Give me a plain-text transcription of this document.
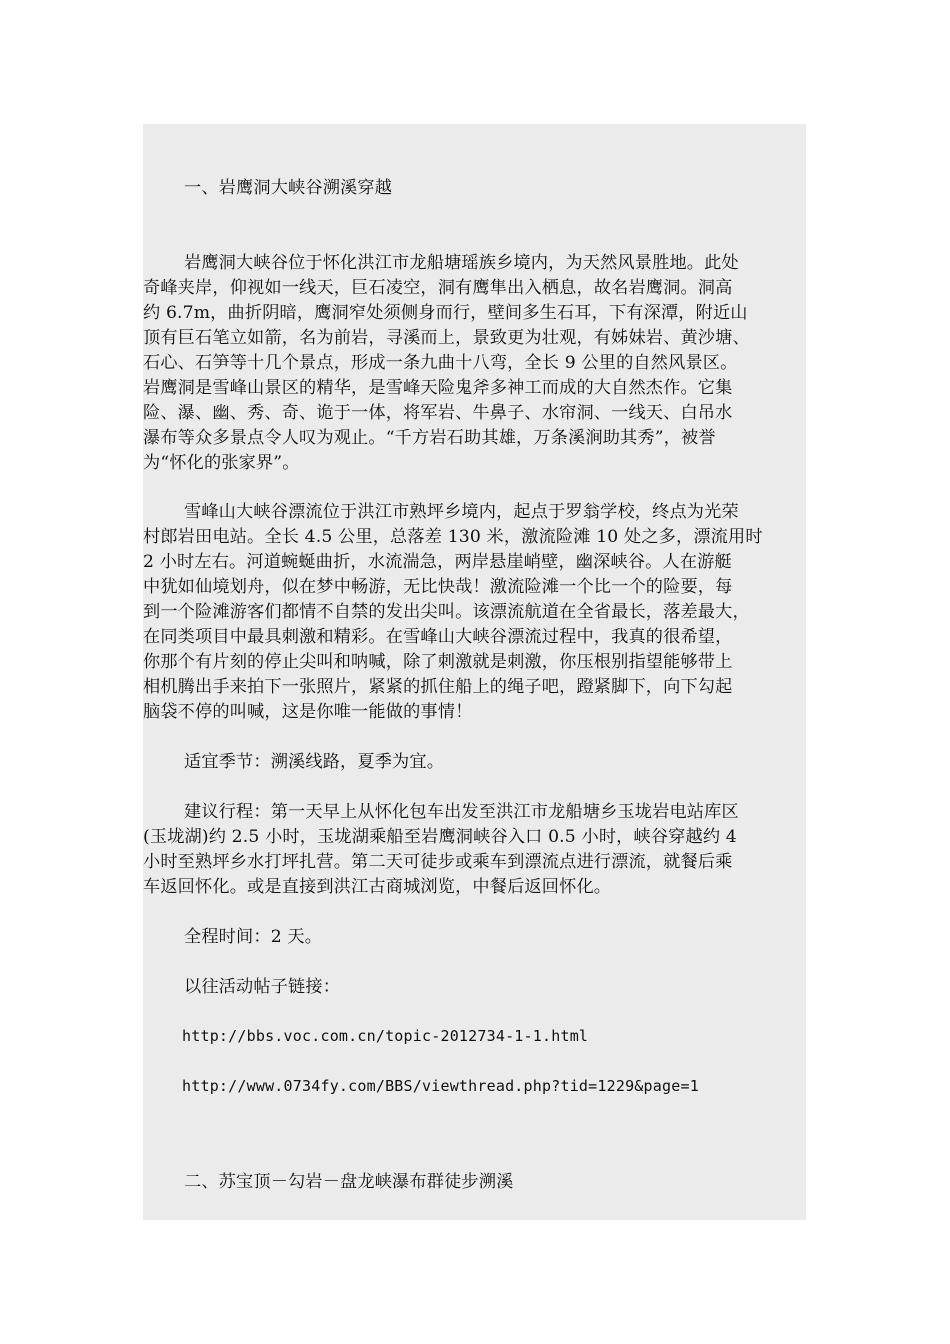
一、岩鹰洞大峡谷溯溪穿越

岩鹰洞大峡谷位于怀化洪江市龙船塘瑶族乡境内，为天然风景胜地。此处

奇峰夹岸，仰视如一线天，巨石凌空，洞有鹰隼出入栖息，故名岩鹰洞。洞高

约 6.7m，曲折阴暗，鹰洞窄处须侧身而行，壁间多生石耳，下有深潭，附近山

顶有巨石笔立如箭，名为前岩，寻溪而上，景致更为壮观，有姊妹岩、黄沙塘、

石心、石笋等十几个景点，形成一条九曲十八弯，全长 9 公里的自然风景区。

岩鹰洞是雪峰山景区的精华，是雪峰天险鬼斧多神工而成的大自然杰作。它集

险、瀑、幽、秀、奇、诡于一体，将军岩、牛鼻子、水帘洞、一线天、白吊水

瀑布等众多景点令人叹为观止。“千方岩石助其雄，万条溪涧助其秀”，被誉

为“怀化的张家界”。

雪峰山大峡谷漂流位于洪江市熟坪乡境内，起点于罗翁学校，终点为光荣

村郎岩田电站。全长 4.5 公里，总落差 130 米，激流险滩 10 处之多，漂流用时

2 小时左右。河道蜿蜒曲折，水流湍急，两岸悬崖峭壁，幽深峡谷。人在游艇

中犹如仙境划舟，似在梦中畅游，无比快哉！激流险滩一个比一个的险要，每

到一个险滩游客们都情不自禁的发出尖叫。该漂流航道在全省最长，落差最大，

在同类项目中最具刺激和精彩。在雪峰山大峡谷漂流过程中，我真的很希望，

你那个有片刻的停止尖叫和呐喊，除了刺激就是刺激，你压根别指望能够带上

相机腾出手来拍下一张照片，紧紧的抓住船上的绳子吧，蹬紧脚下，向下勾起

脑袋不停的叫喊，这是你唯一能做的事情！

适宜季节：溯溪线路，夏季为宜。

建议行程：第一天早上从怀化包车出发至洪江市龙船塘乡玉垅岩电站库区

(玉垅湖)约 2.5 小时，玉垅湖乘船至岩鹰洞峡谷入口 0.5 小时，峡谷穿越约 4

小时至熟坪乡水打坪扎营。第二天可徒步或乘车到漂流点进行漂流，就餐后乘

车返回怀化。或是直接到洪江古商城浏览，中餐后返回怀化。

全程时间：2 天。

以往活动帖子链接：

http://bbs.voc.com.cn/topic-2012734-1-1.html

http://www.0734fy.com/BBS/viewthread.php?tid=1229&page=1

二、苏宝顶－勾岩－盘龙峡瀑布群徒步溯溪
